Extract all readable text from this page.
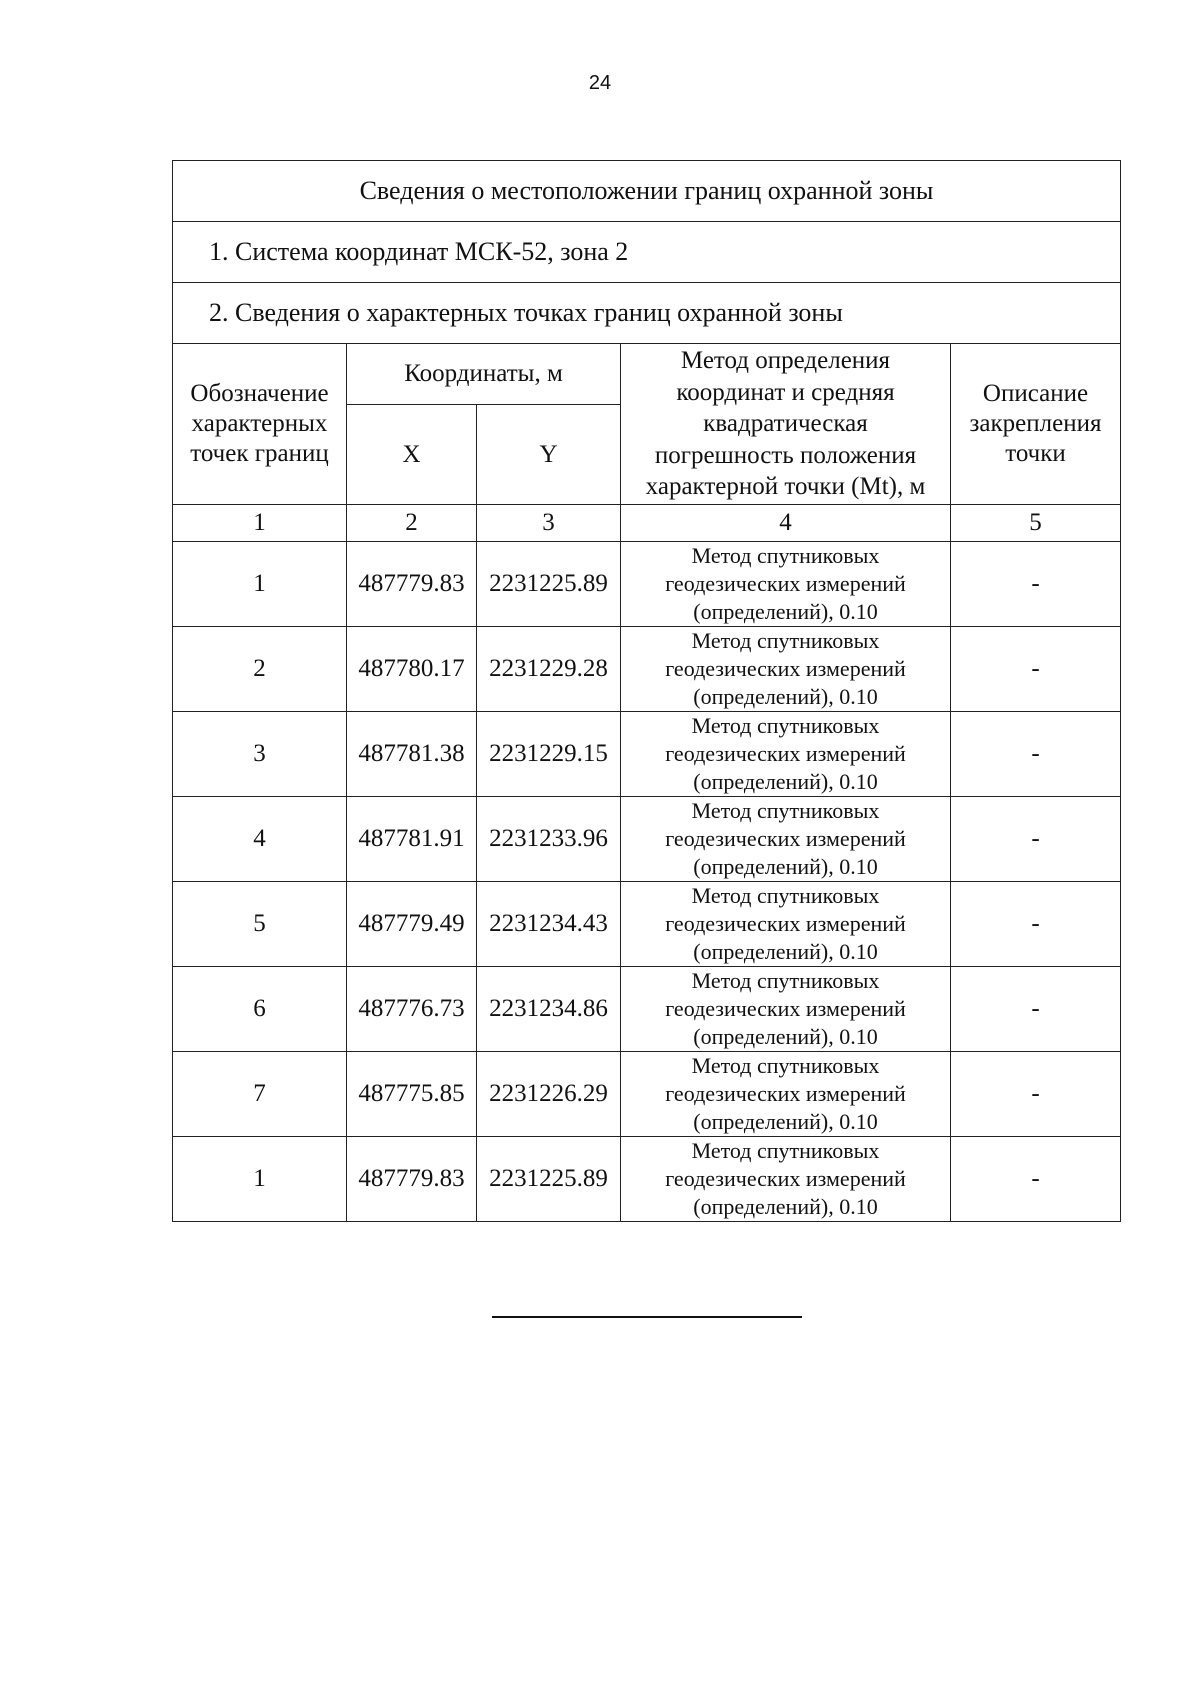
24
Сведения о местоположении границ охранной зоны				
1. Система координат МСК-52, зона 2				
2. Сведения о характерных точках границ охранной зоны				

Обозначение
характерных
точек границ	Координаты, м		Метод определения
координат и средняя
квадратическая
погрешность положения
характерной точки (Mt), м	Описание
закрепления
точки

	X	Y		
1	2	3	4	5
1	487779.83	2231225.89	Метод спутниковых
геодезических измерений
(определений), 0.10	-
2	487780.17	2231229.28	Метод спутниковых
геодезических измерений
(определений), 0.10	-
3	487781.38	2231229.15	Метод спутниковых
геодезических измерений
(определений), 0.10	-
4	487781.91	2231233.96	Метод спутниковых
геодезических измерений
(определений), 0.10	-
5	487779.49	2231234.43	Метод спутниковых
геодезических измерений
(определений), 0.10	-
6	487776.73	2231234.86	Метод спутниковых
геодезических измерений
(определений), 0.10	-
7	487775.85	2231226.29	Метод спутниковых
геодезических измерений
(определений), 0.10	-
1	487779.83	2231225.89	Метод спутниковых
геодезических измерений
(определений), 0.10	-
